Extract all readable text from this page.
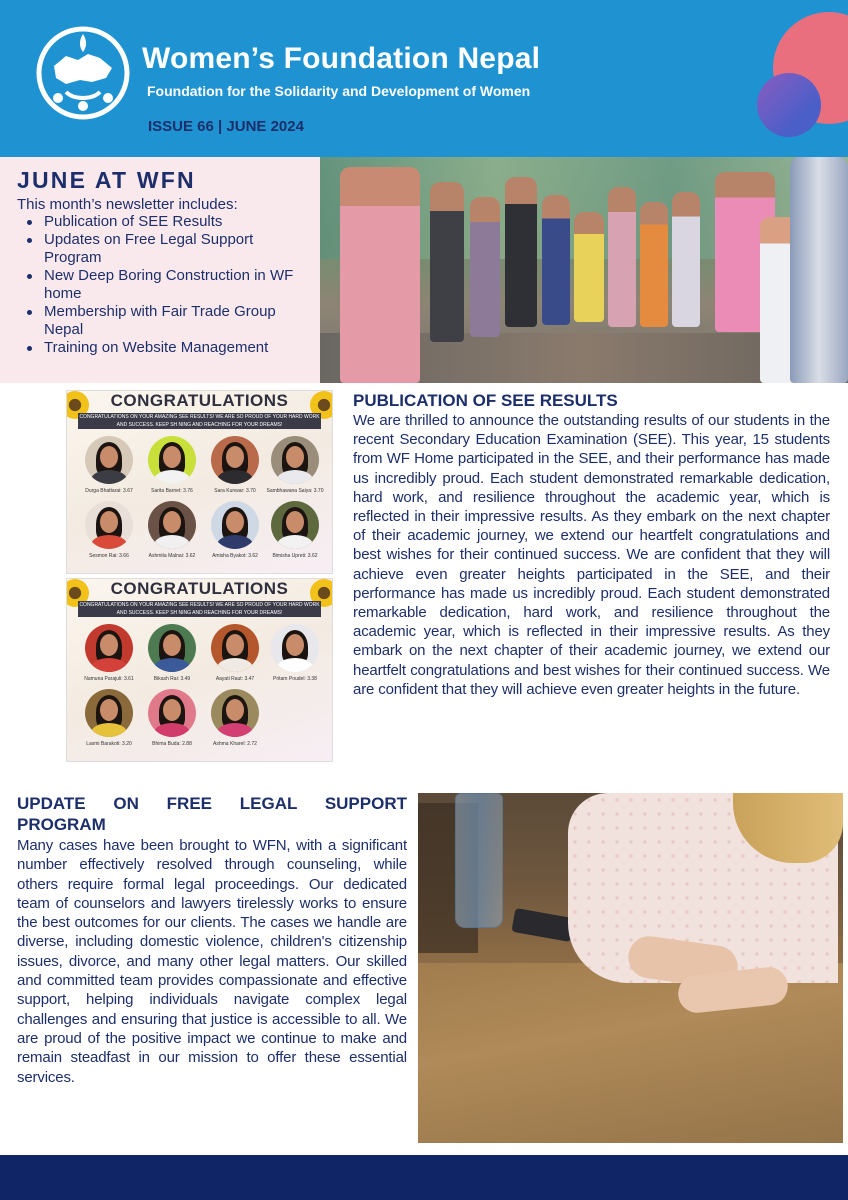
Women’s Foundation Nepal
Foundation for the Solidarity and Development of Women
ISSUE 66 | JUNE 2024
JUNE AT WFN
This month’s newsletter includes:
Publication of SEE Results
Updates on Free Legal Support Program
New Deep Boring Construction in WF home
Membership with Fair Trade Group Nepal
Training on Website Management
CONGRATULATIONS
CONGRATULATIONS ON YOUR AMAZING SEE RESULTS! WE ARE SO PROUD OF YOUR HARD WORK AND SUCCESS. KEEP SH NING AND REACHING FOR YOUR DREAMS!
Durga Bhattarai: 3.67	Sarita Barnet: 3.76	Sara Kunwar: 3.70	Sambhawana Saiya: 3.70
Sesmon Rai: 3.66	Ashmita Malnai: 3.62	Amisha Byakot: 3.62	Bimisha Upreti: 3.62
CONGRATULATIONS
CONGRATULATIONS ON YOUR AMAZING SEE RESULTS! WE ARE SO PROUD OF YOUR HARD WORK AND SUCCESS. KEEP SH NING AND REACHING FOR YOUR DREAMS!
Namuna Parajuli: 3.61	Bikash Rai: 3.49	Aayati Raut: 3.47	Pritam Poudel: 3.38
Laxmi Barakoti: 3.20	Bhima Buda: 2.88	Ashma Kharel: 2.72
PUBLICATION OF SEE RESULTS
We are thrilled to announce the outstanding results of our students in the recent Secondary Education Examination (SEE). This year, 15 students from WF Home participated in the SEE, and their performance has made us incredibly proud. Each student demonstrated remarkable dedication, hard work, and resilience throughout the academic year, which is reflected in their impressive results. As they embark on the next chapter of their academic journey, we extend our heartfelt congratulations and best wishes for their continued success. We are confident that they will achieve even greater heights participated in the SEE, and their performance has made us incredibly proud. Each student demonstrated remarkable dedication, hard work, and resilience throughout the academic year, which is reflected in their impressive results. As they embark on the next chapter of their academic journey, we extend our heartfelt congratulations and best wishes for their continued success. We are confident that they will achieve even greater heights in the future.
UPDATE ON FREE LEGAL SUPPORT PROGRAM
Many cases have been brought to WFN, with a significant number effectively resolved through counseling, while others require formal legal proceedings. Our dedicated team of counselors and lawyers tirelessly works to ensure the best outcomes for our clients. The cases we handle are diverse, including domestic violence, children's citizenship issues, divorce, and many other legal matters. Our skilled and committed team provides compassionate and effective support, helping individuals navigate complex legal challenges and ensuring that justice is accessible to all. We are proud of the positive impact we continue to make and remain steadfast in our mission to offer these essential services.
